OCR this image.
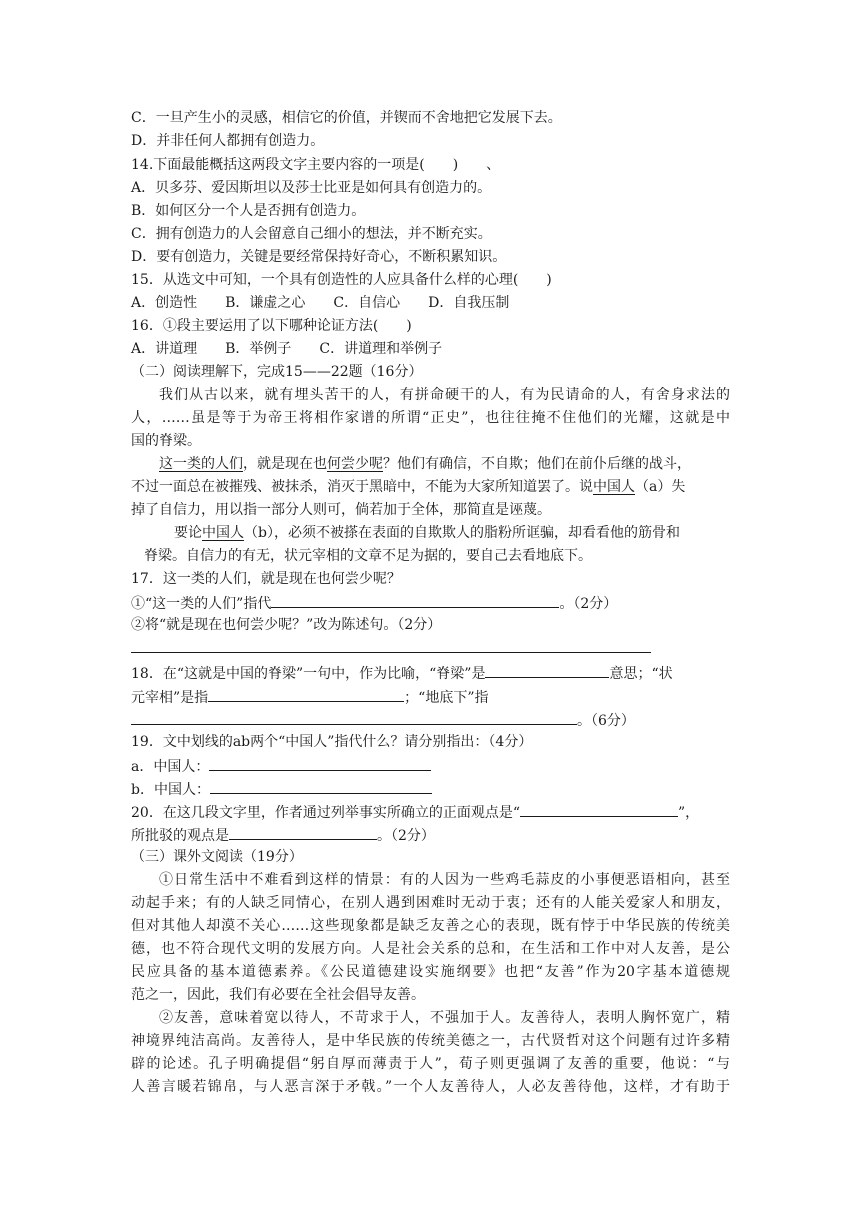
C．一旦产生小的灵感，相信它的价值，并锲而不舍地把它发展下去。
D．并非任何人都拥有创造力。
14.下面最能概括这两段文字主要内容的一项是(　　)　　、
A．贝多芬、爱因斯坦以及莎士比亚是如何具有创造力的。
B．如何区分一个人是否拥有创造力。
C．拥有创造力的人会留意自己细小的想法，并不断充实。
D．要有创造力，关键是要经常保持好奇心，不断积累知识。
15．从选文中可知，一个具有创造性的人应具备什么样的心理(　　)
A．创造性　　B．谦虚之心　　C．自信心　　D．自我压制
16．①段主要运用了以下哪种论证方法(　　)
A．讲道理　　B．举例子　　C．讲道理和举例子
（二）阅读理解下，完成15——22题（16分）
我们从古以来，就有埋头苦干的人，有拼命硬干的人，有为民请命的人，有舍身求法的
人，……虽是等于为帝王将相作家谱的所谓“正史”，也往往掩不住他们的光耀，这就是中
国的脊梁。
这一类的人们，就是现在也何尝少呢？他们有确信，不自欺；他们在前仆后继的战斗，
不过一面总在被摧残、被抹杀，消灭于黑暗中，不能为大家所知道罢了。说中国人（a）失
掉了自信力，用以指一部分人则可，倘若加于全体，那简直是诬蔑。
要论中国人（b），必须不被搽在表面的自欺欺人的脂粉所诓骗，却看看他的筋骨和
脊梁。自信力的有无，状元宰相的文章不足为据的，要自己去看地底下。
17．这一类的人们，就是现在也何尝少呢？
①“这一类的人们”指代	。（2分）
②将“就是现在也何尝少呢？”改为陈述句。（2分）
18．在“这就是中国的脊梁”一句中，作为比喻，“脊梁”是	意思；“状
元宰相”是指	；“地底下”指
。（6分）
19．文中划线的ab两个“中国人”指代什么？请分别指出：（4分）
a．中国人：
b．中国人：
20．在这几段文字里，作者通过列举事实所确立的正面观点是“	”，
所批驳的观点是	。（2分）
（三）课外文阅读（19分）
①日常生活中不难看到这样的情景：有的人因为一些鸡毛蒜皮的小事便恶语相向，甚至
动起手来；有的人缺乏同情心，在别人遇到困难时无动于衷；还有的人能关爱家人和朋友，
但对其他人却漠不关心……这些现象都是缺乏友善之心的表现，既有悖于中华民族的传统美
德，也不符合现代文明的发展方向。人是社会关系的总和，在生活和工作中对人友善，是公
民应具备的基本道德素养。《公民道德建设实施纲要》也把“友善”作为20字基本道德规
范之一，因此，我们有必要在全社会倡导友善。
②友善，意味着宽以待人，不苛求于人，不强加于人。友善待人，表明人胸怀宽广，精
神境界纯洁高尚。友善待人，是中华民族的传统美德之一，古代贤哲对这个问题有过许多精
辟的论述。孔子明确提倡“躬自厚而薄责于人”，荀子则更强调了友善的重要，他说：“与
人善言暖若锦帛，与人恶言深于矛戟。”一个人友善待人，人必友善待他，这样，才有助于
